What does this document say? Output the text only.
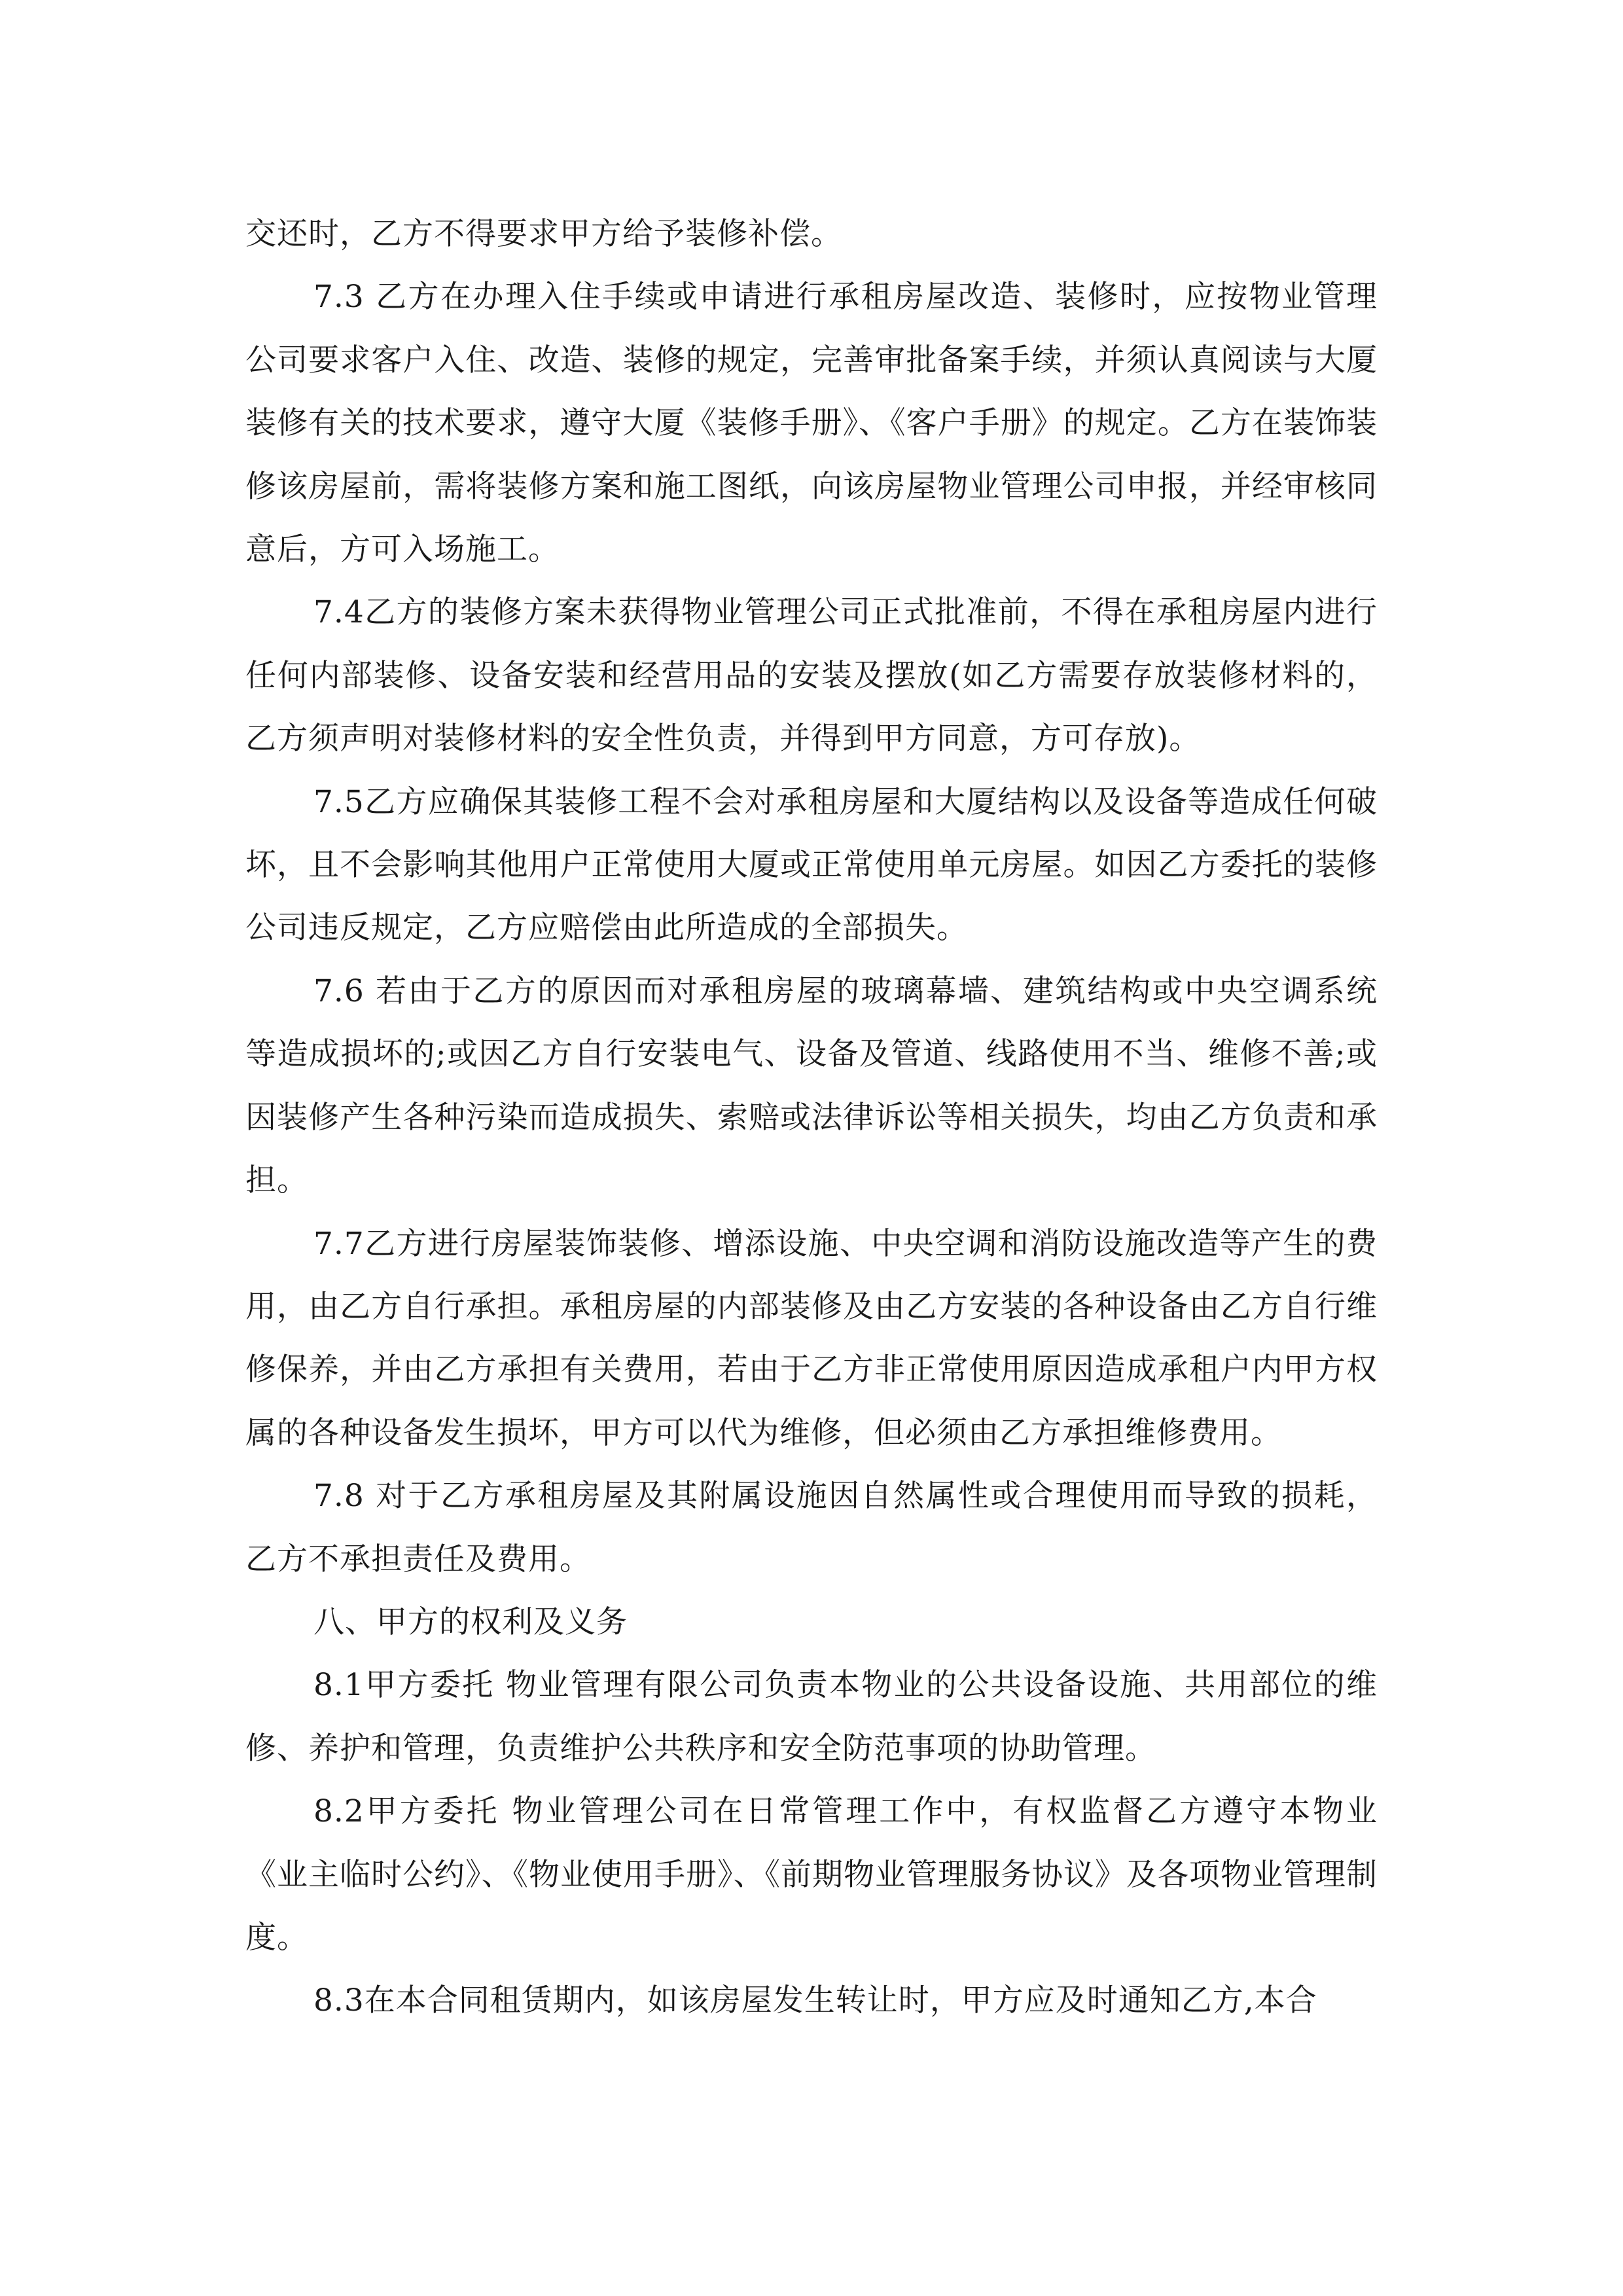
交还时，乙方不得要求甲方给予装修补偿。

7.3 乙方在办理入住手续或申请进行承租房屋改造、装修时，应按物业管理公司要求客户入住、改造、装修的规定，完善审批备案手续，并须认真阅读与大厦装修有关的技术要求，遵守大厦《装修手册》、《客户手册》的规定。乙方在装饰装修该房屋前，需将装修方案和施工图纸，向该房屋物业管理公司申报，并经审核同意后，方可入场施工。

7.4乙方的装修方案未获得物业管理公司正式批准前，不得在承租房屋内进行任何内部装修、设备安装和经营用品的安装及摆放(如乙方需要存放装修材料的，乙方须声明对装修材料的安全性负责，并得到甲方同意，方可存放)。

7.5乙方应确保其装修工程不会对承租房屋和大厦结构以及设备等造成任何破坏，且不会影响其他用户正常使用大厦或正常使用单元房屋。如因乙方委托的装修公司违反规定，乙方应赔偿由此所造成的全部损失。

7.6 若由于乙方的原因而对承租房屋的玻璃幕墙、建筑结构或中央空调系统等造成损坏的;或因乙方自行安装电气、设备及管道、线路使用不当、维修不善;或因装修产生各种污染而造成损失、索赔或法律诉讼等相关损失，均由乙方负责和承担。

7.7乙方进行房屋装饰装修、增添设施、中央空调和消防设施改造等产生的费用，由乙方自行承担。承租房屋的内部装修及由乙方安装的各种设备由乙方自行维修保养，并由乙方承担有关费用，若由于乙方非正常使用原因造成承租户内甲方权属的各种设备发生损坏，甲方可以代为维修，但必须由乙方承担维修费用。

7.8 对于乙方承租房屋及其附属设施因自然属性或合理使用而导致的损耗，乙方不承担责任及费用。

八、甲方的权利及义务

8.1甲方委托 物业管理有限公司负责本物业的公共设备设施、共用部位的维修、养护和管理，负责维护公共秩序和安全防范事项的协助管理。

8.2甲方委托 物业管理公司在日常管理工作中，有权监督乙方遵守本物业《业主临时公约》、《物业使用手册》、《前期物业管理服务协议》及各项物业管理制度。

8.3在本合同租赁期内，如该房屋发生转让时，甲方应及时通知乙方,本合
